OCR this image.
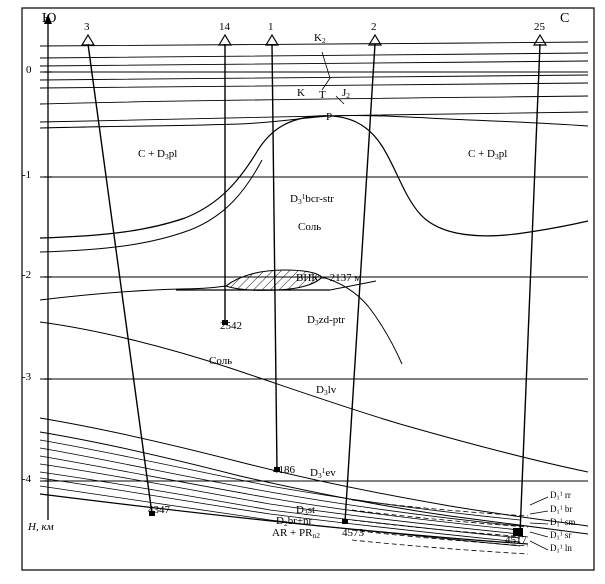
Ю	С
3	14	1	2	25
0
-1
-2
-3
-4
Н, км
$K_2$
K T $J_2$
P
$C + D_3pl$	$C + D_3pl$
$D_3^1bcr$-str
Соль
$D_3zd$-ptr
Соль
$D_3lv$
$D_3^1ev$
$D_3st$
$D_2br+nr$
AR + $PR_{n2}$
ВНК – 2137 м
4347
2542
4186
4573
4517
$D_1^1$ rr
$D_1^1$ br
$D_1^1$ sm
$D_1^1$ sr
$D_1^1$ ln
